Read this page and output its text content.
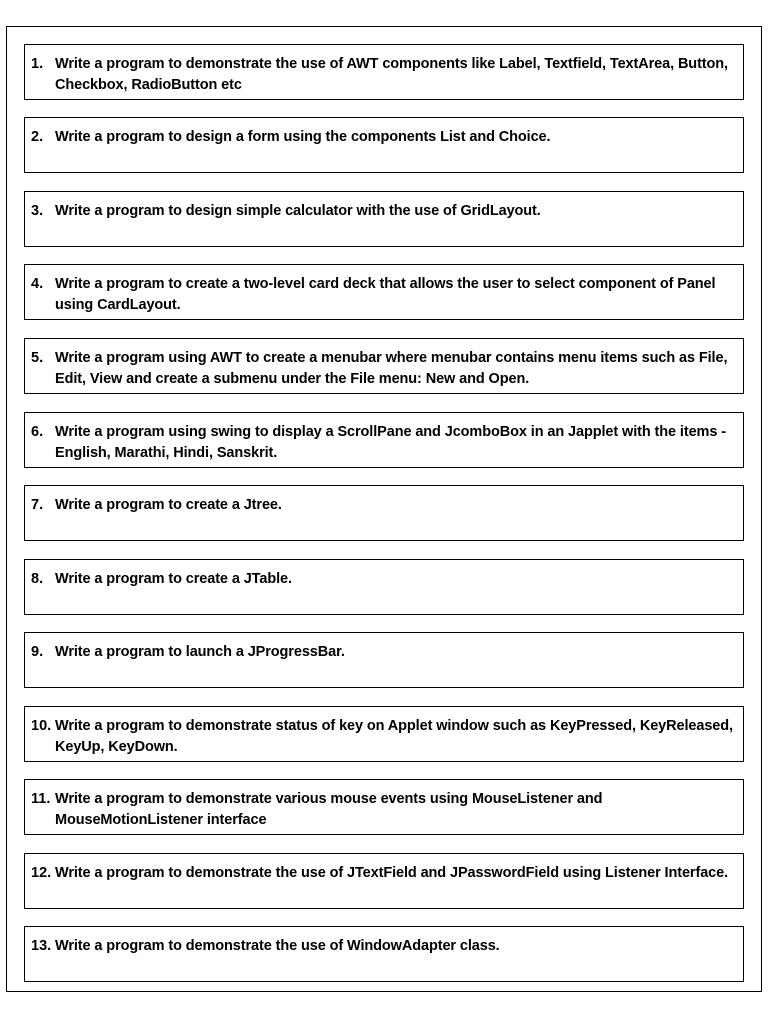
1. Write a program to demonstrate the use of AWT components like Label, Textfield, TextArea, Button, Checkbox, RadioButton etc
2. Write a program to design a form using the components List and Choice.
3. Write a program to design simple calculator with the use of GridLayout.
4. Write a program to create a two-level card deck that allows the user to select component of Panel using CardLayout.
5. Write a program using AWT to create a menubar where menubar contains menu items such as File, Edit, View and create a submenu under the File menu: New and Open.
6. Write a program using swing to display a ScrollPane and JcomboBox in an Japplet with the items - English, Marathi, Hindi, Sanskrit.
7. Write a program to create a Jtree.
8. Write a program to create a JTable.
9. Write a program to launch a JProgressBar.
10. Write a program to demonstrate status of key on Applet window such as KeyPressed, KeyReleased, KeyUp, KeyDown.
11. Write a program to demonstrate various mouse events using MouseListener and MouseMotionListener interface
12. Write a program to demonstrate the use of JTextField and JPasswordField using Listener Interface.
13. Write a program to demonstrate the use of WindowAdapter class.
